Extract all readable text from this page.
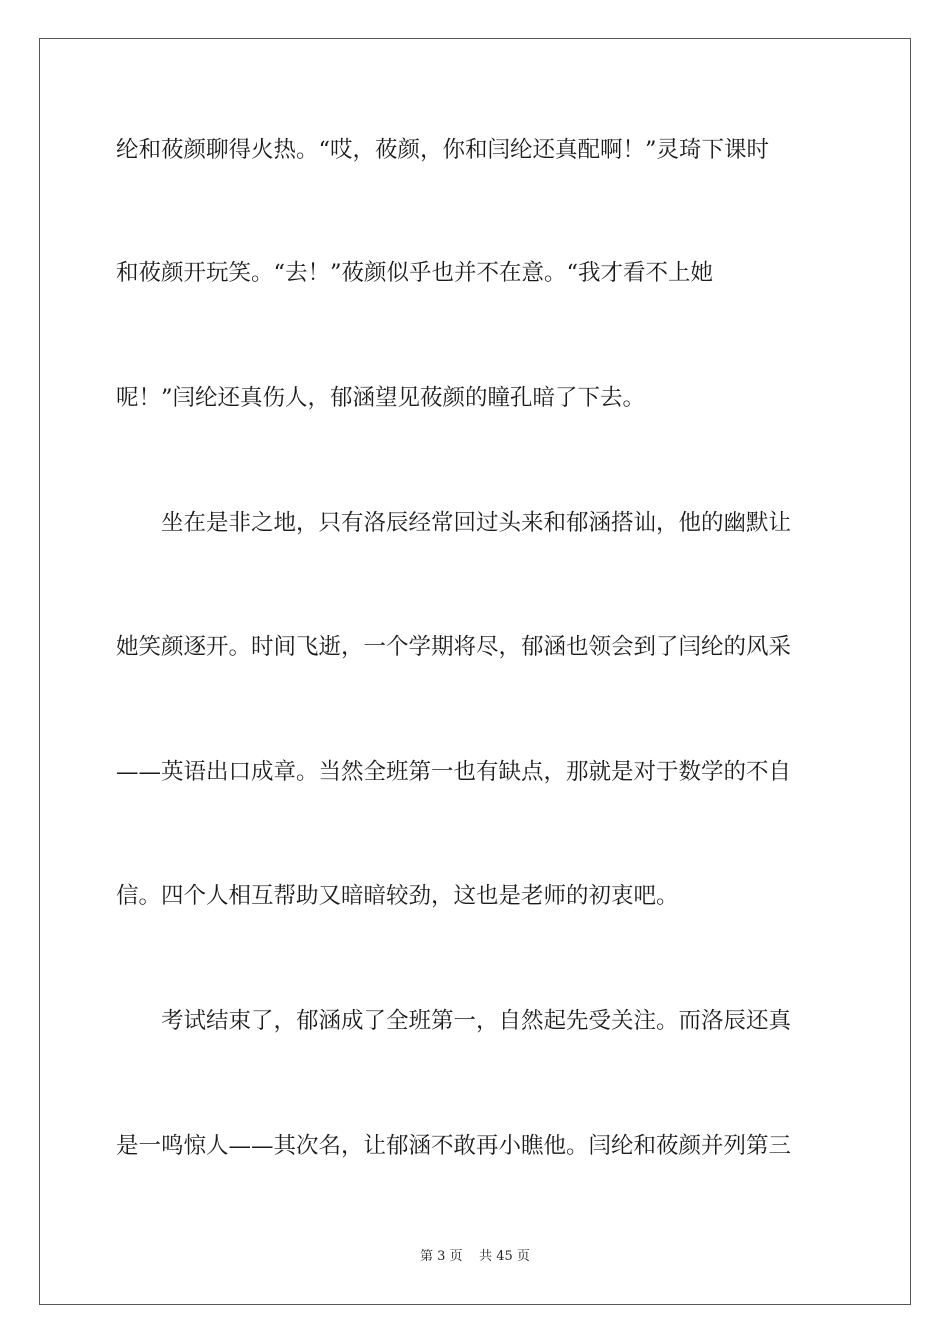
纶和莜颜聊得火热。“哎，莜颜，你和闫纶还真配啊！”灵琦下课时
和莜颜开玩笑。“去！”莜颜似乎也并不在意。“我才看不上她
呢！”闫纶还真伤人，郁涵望见莜颜的瞳孔暗了下去。
　　坐在是非之地，只有洛辰经常回过头来和郁涵搭讪，他的幽默让
她笑颜逐开。时间飞逝，一个学期将尽，郁涵也领会到了闫纶的风采
——英语出口成章。当然全班第一也有缺点，那就是对于数学的不自
信。四个人相互帮助又暗暗较劲，这也是老师的初衷吧。
　　考试结束了，郁涵成了全班第一，自然起先受关注。而洛辰还真
是一鸣惊人——其次名，让郁涵不敢再小瞧他。闫纶和莜颜并列第三
第 3 页 共 45 页
